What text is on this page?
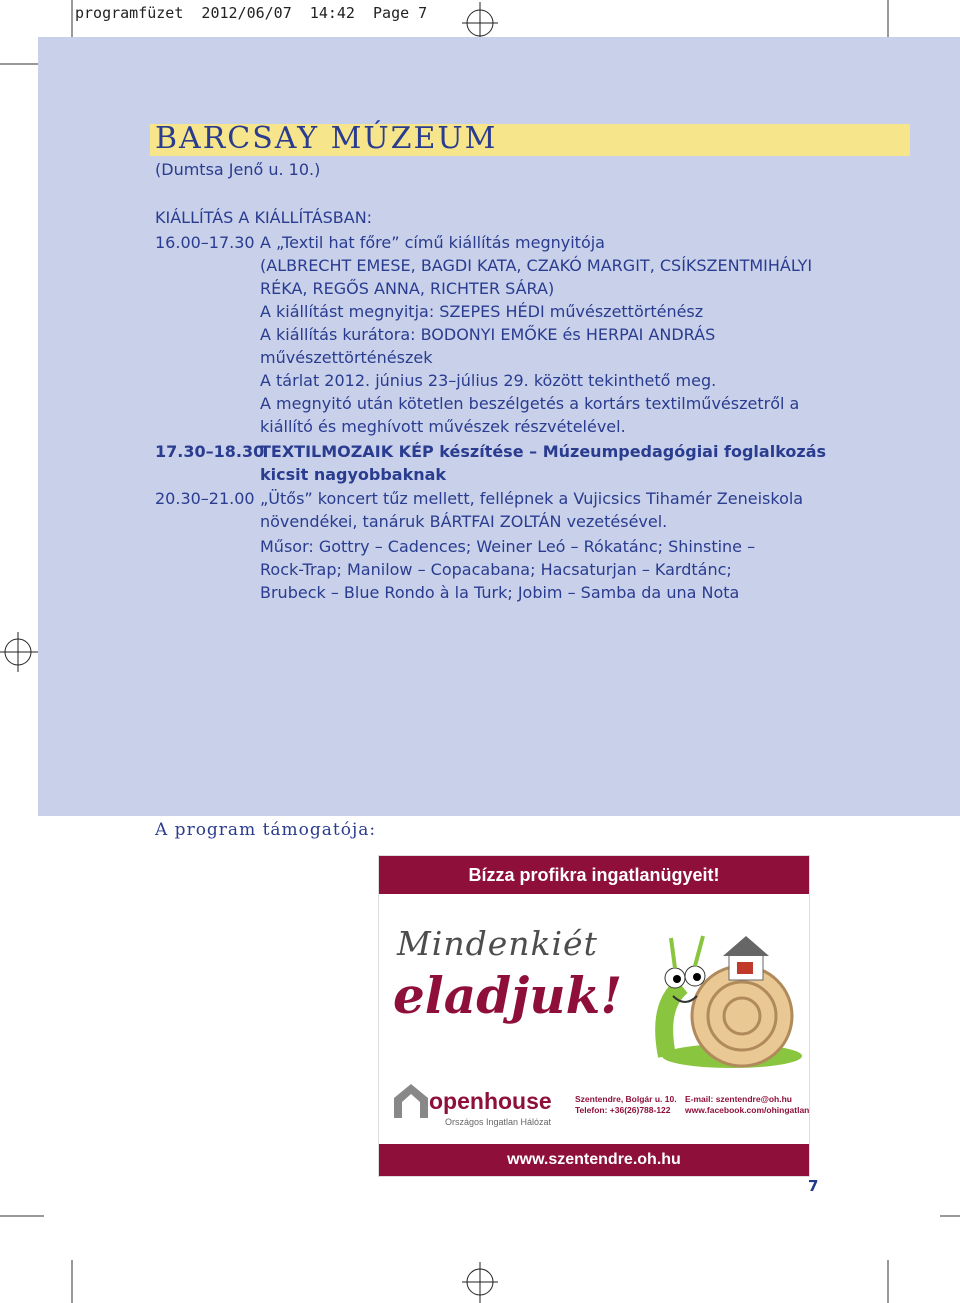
programfüzet  2012/06/07  14:42  Page 7
BARCSAY MÚZEUM
(Dumtsa Jenő u. 10.)
KIÁLLÍTÁS A KIÁLLÍTÁSBAN:
16.00–17.30 A „Textil hat főre” című kiállítás megnyitója
(ALBRECHT EMESE, BAGDI KATA, CZAKÓ MARGIT, CSÍKSZENTMIHÁLYI
RÉKA, REGŐS ANNA, RICHTER SÁRA)
A kiállítást megnyitja: SZEPES HÉDI művészettörténész
A kiállítás kurátora: BODONYI EMŐKE és HERPAI ANDRÁS
művészettörténészek
A tárlat 2012. június 23–július 29. között tekinthető meg.
A megnyitó után kötetlen beszélgetés a kortárs textilművészetről a
kiállító és meghívott művészek részvételével.
17.30–18.30
TEXTILMOZAIK KÉP készítése – Múzeumpedagógiai foglalkozás
kicsit nagyobbaknak
20.30–21.00 „Ütős” koncert tűz mellett, fellépnek a Vujicsics Tihamér Zeneiskola
növendékei, tanáruk BÁRTFAI ZOLTÁN vezetésével.
Műsor: Gottry – Cadences; Weiner Leó – Rókatánc; Shinstine –
Rock-Trap; Manilow – Copacabana; Hacsaturjan – Kardtánc;
Brubeck – Blue Rondo à la Turk; Jobim – Samba da una Nota
A program támogatója:
Bízza profikra ingatlanügyeit!
Mindenkiét
eladjuk!
openhouse
Országos Ingatlan Hálózat
Szentendre, Bolgár u. 10.
Telefon: +36(26)788-122
E-mail: szentendre@oh.hu
www.facebook.com/ohingatlan
www.szentendre.oh.hu
7
